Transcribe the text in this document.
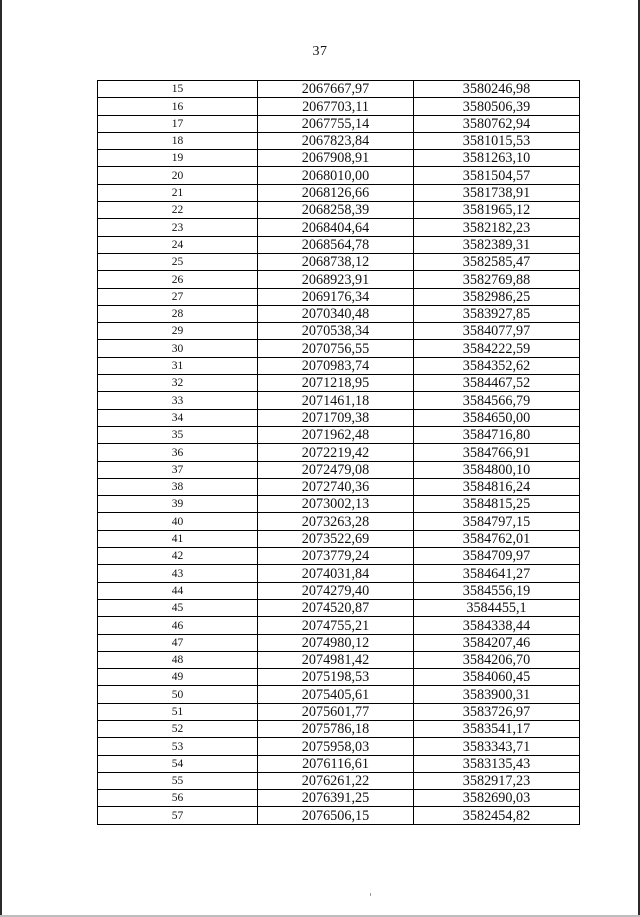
37
15	2067667,97	3580246,98
16	2067703,11	3580506,39
17	2067755,14	3580762,94
18	2067823,84	3581015,53
19	2067908,91	3581263,10
20	2068010,00	3581504,57
21	2068126,66	3581738,91
22	2068258,39	3581965,12
23	2068404,64	3582182,23
24	2068564,78	3582389,31
25	2068738,12	3582585,47
26	2068923,91	3582769,88
27	2069176,34	3582986,25
28	2070340,48	3583927,85
29	2070538,34	3584077,97
30	2070756,55	3584222,59
31	2070983,74	3584352,62
32	2071218,95	3584467,52
33	2071461,18	3584566,79
34	2071709,38	3584650,00
35	2071962,48	3584716,80
36	2072219,42	3584766,91
37	2072479,08	3584800,10
38	2072740,36	3584816,24
39	2073002,13	3584815,25
40	2073263,28	3584797,15
41	2073522,69	3584762,01
42	2073779,24	3584709,97
43	2074031,84	3584641,27
44	2074279,40	3584556,19
45	2074520,87	3584455,1
46	2074755,21	3584338,44
47	2074980,12	3584207,46
48	2074981,42	3584206,70
49	2075198,53	3584060,45
50	2075405,61	3583900,31
51	2075601,77	3583726,97
52	2075786,18	3583541,17
53	2075958,03	3583343,71
54	2076116,61	3583135,43
55	2076261,22	3582917,23
56	2076391,25	3582690,03
57	2076506,15	3582454,82
